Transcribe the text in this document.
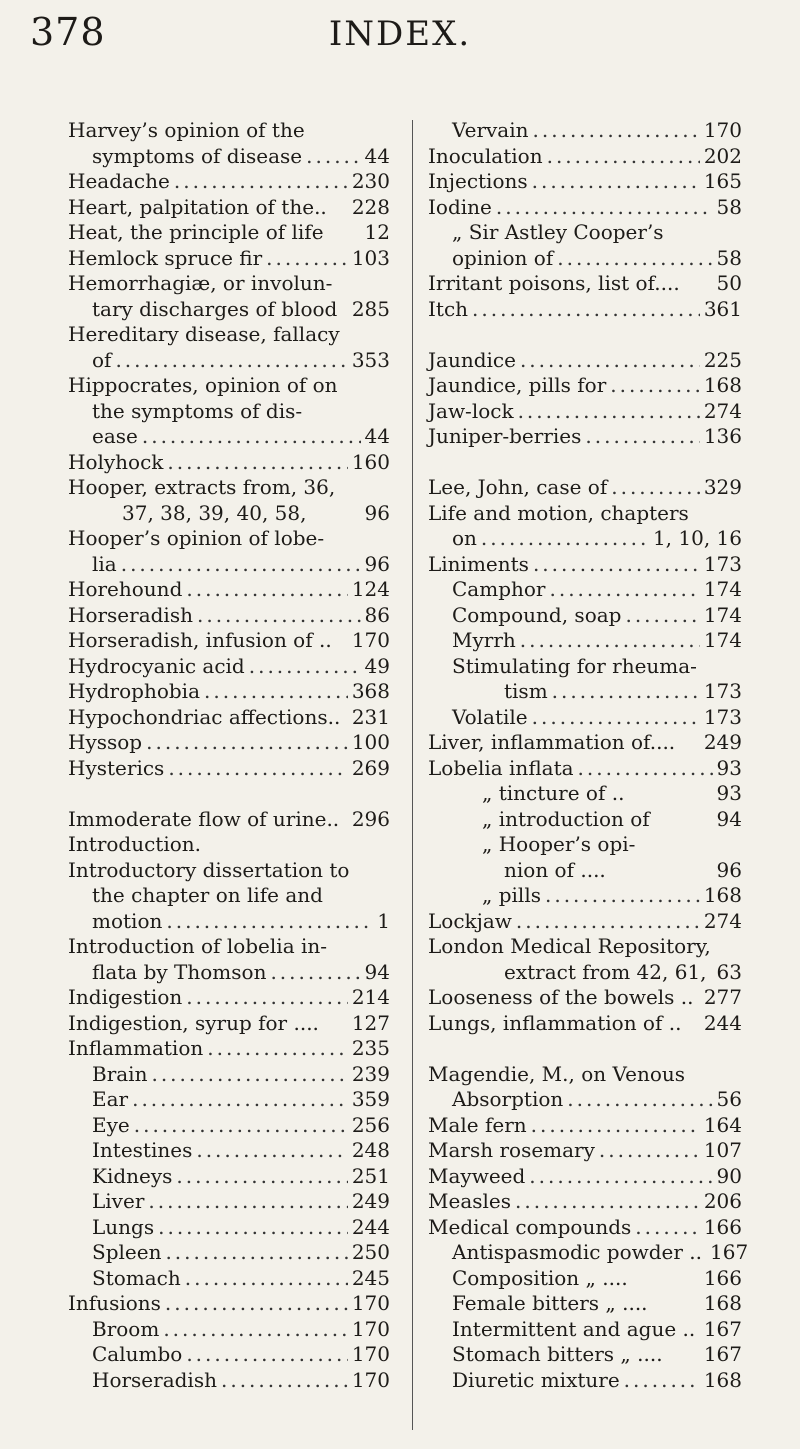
378	INDEX.
Harvey’s opinion of the
symptoms of disease .....	44
Headache .....	230
Heart, palpitation of the.. 228
Heat, the principle of life 12
Hemlock spruce fir .....	103
Hemorrhagiæ, or involun-
tary discharges of blood 285
Hereditary disease, fallacy
of .....	353
Hippocrates, opinion of on
the symptoms of dis-
ease .....	44
Holyhock .....	160
Hooper, extracts from, 36,
37, 38, 39, 40, 58,	96
Hooper’s opinion of lobe-
lia .....	96
Horehound .....	124
Horseradish .....	86
Horseradish, infusion of .. 170
Hydrocyanic acid .....	49
Hydrophobia .....	368
Hypochondriac affections.. 231
Hyssop .....	100
Hysterics .....	269
Immoderate flow of urine.. 296
Introduction.
Introductory dissertation to
the chapter on life and
motion .....	1
Introduction of lobelia in-
flata by Thomson .....	94
Indigestion .....	214
Indigestion, syrup for .... 127
Inflammation .....	235
Brain .....	239
Ear .....	359
Eye .....	256
Intestines .....	248
Kidneys .....	251
Liver .....	249
Lungs .....	244
Spleen .....	250
Stomach .....	245
Infusions .....	170
Broom .....	170
Calumbo .....	170
Horseradish .....	170
Vervain .....	170
Inoculation .....	202
Injections .....	165
Iodine .....	58
„ Sir Astley Cooper’s
opinion of .....	58
Irritant poisons, list of.... 50
Itch .....	361
Jaundice .....	225
Jaundice, pills for .....	168
Jaw-lock .....	274
Juniper-berries .....	136
Lee, John, case of .....	329
Life and motion, chapters
on .....	1, 10, 16
Liniments .....	173
Camphor .....	174
Compound, soap .....	174
Myrrh .....	174
Stimulating for rheuma-
tism .....	173
Volatile .....	173
Liver, inflammation of.... 249
Lobelia inflata .....	93
„ tincture of ..	93
„ introduction of	94
„ Hooper’s opi-
nion of ....	96
„ pills .....	168
Lockjaw .....	274
London Medical Repository,
extract from 42, 61, 63
Looseness of the bowels .. 277
Lungs, inflammation of .. 244
Magendie, M., on Venous
Absorption .....	56
Male fern .....	164
Marsh rosemary .....	107
Mayweed .....	90
Measles .....	206
Medical compounds .....	166
Antispasmodic powder .. 167
Composition „ ....	166
Female bitters „ ....	168
Intermittent and ague .. 167
Stomach bitters „ .... 167
Diuretic mixture .....	168
